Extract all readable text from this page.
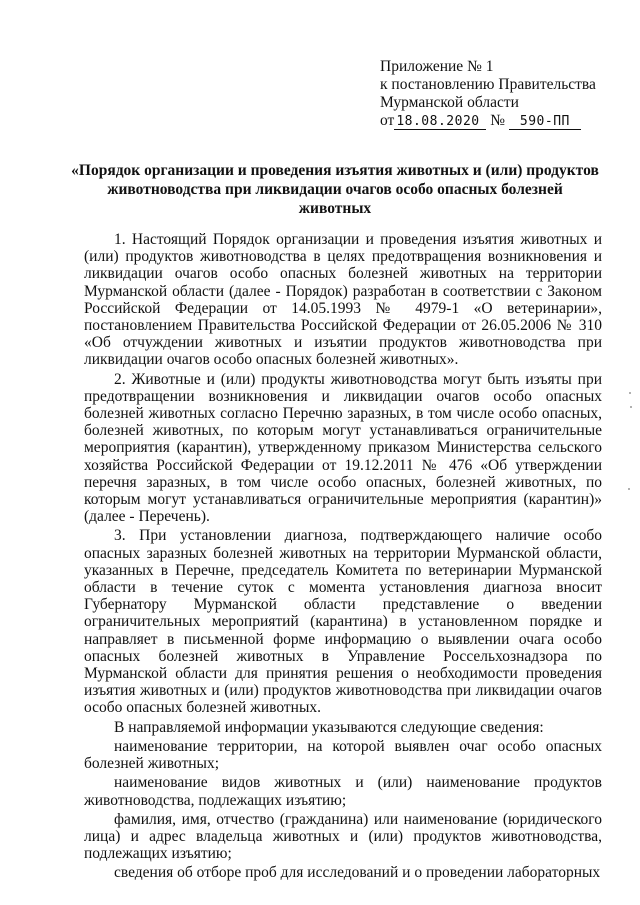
Приложение № 1
к постановлению Правительства
Мурманской области
от 18.08.2020 № 590-ПП
«Порядок организации и проведения изъятия животных и (или) продуктов животноводства при ликвидации очагов особо опасных болезней животных

1. Настоящий Порядок организации и проведения изъятия животных и (или) продуктов животноводства в целях предотвращения возникновения и ликвидации очагов особо опасных болезней животных на территории Мурманской области (далее - Порядок) разработан в соответствии с Законом Российской Федерации от 14.05.1993 № 4979-1 «О ветеринарии», постановлением Правительства Российской Федерации от 26.05.2006 № 310 «Об отчуждении животных и изъятии продуктов животноводства при ликвидации очагов особо опасных болезней животных».

2. Животные и (или) продукты животноводства могут быть изъяты при предотвращении возникновения и ликвидации очагов особо опасных болезней животных согласно Перечню заразных, в том числе особо опасных, болезней животных, по которым могут устанавливаться ограничительные мероприятия (карантин), утвержденному приказом Министерства сельского хозяйства Российской Федерации от 19.12.2011 № 476 «Об утверждении перечня заразных, в том числе особо опасных, болезней животных, по которым могут устанавливаться ограничительные мероприятия (карантин)» (далее - Перечень).

3. При установлении диагноза, подтверждающего наличие особо опасных заразных болезней животных на территории Мурманской области, указанных в Перечне, председатель Комитета по ветеринарии Мурманской области в течение суток с момента установления диагноза вносит Губернатору Мурманской области представление о введении ограничительных мероприятий (карантина) в установленном порядке и направляет в письменной форме информацию о выявлении очага особо опасных болезней животных в Управление Россельхознадзора по Мурманской области для принятия решения о необходимости проведения изъятия животных и (или) продуктов животноводства при ликвидации очагов особо опасных болезней животных.

В направляемой информации указываются следующие сведения:

наименование территории, на которой выявлен очаг особо опасных болезней животных;

наименование видов животных и (или) наименование продуктов животноводства, подлежащих изъятию;

фамилия, имя, отчество (гражданина) или наименование (юридического лица) и адрес владельца животных и (или) продуктов животноводства, подлежащих изъятию;

сведения об отборе проб для исследований и о проведении лабораторных
